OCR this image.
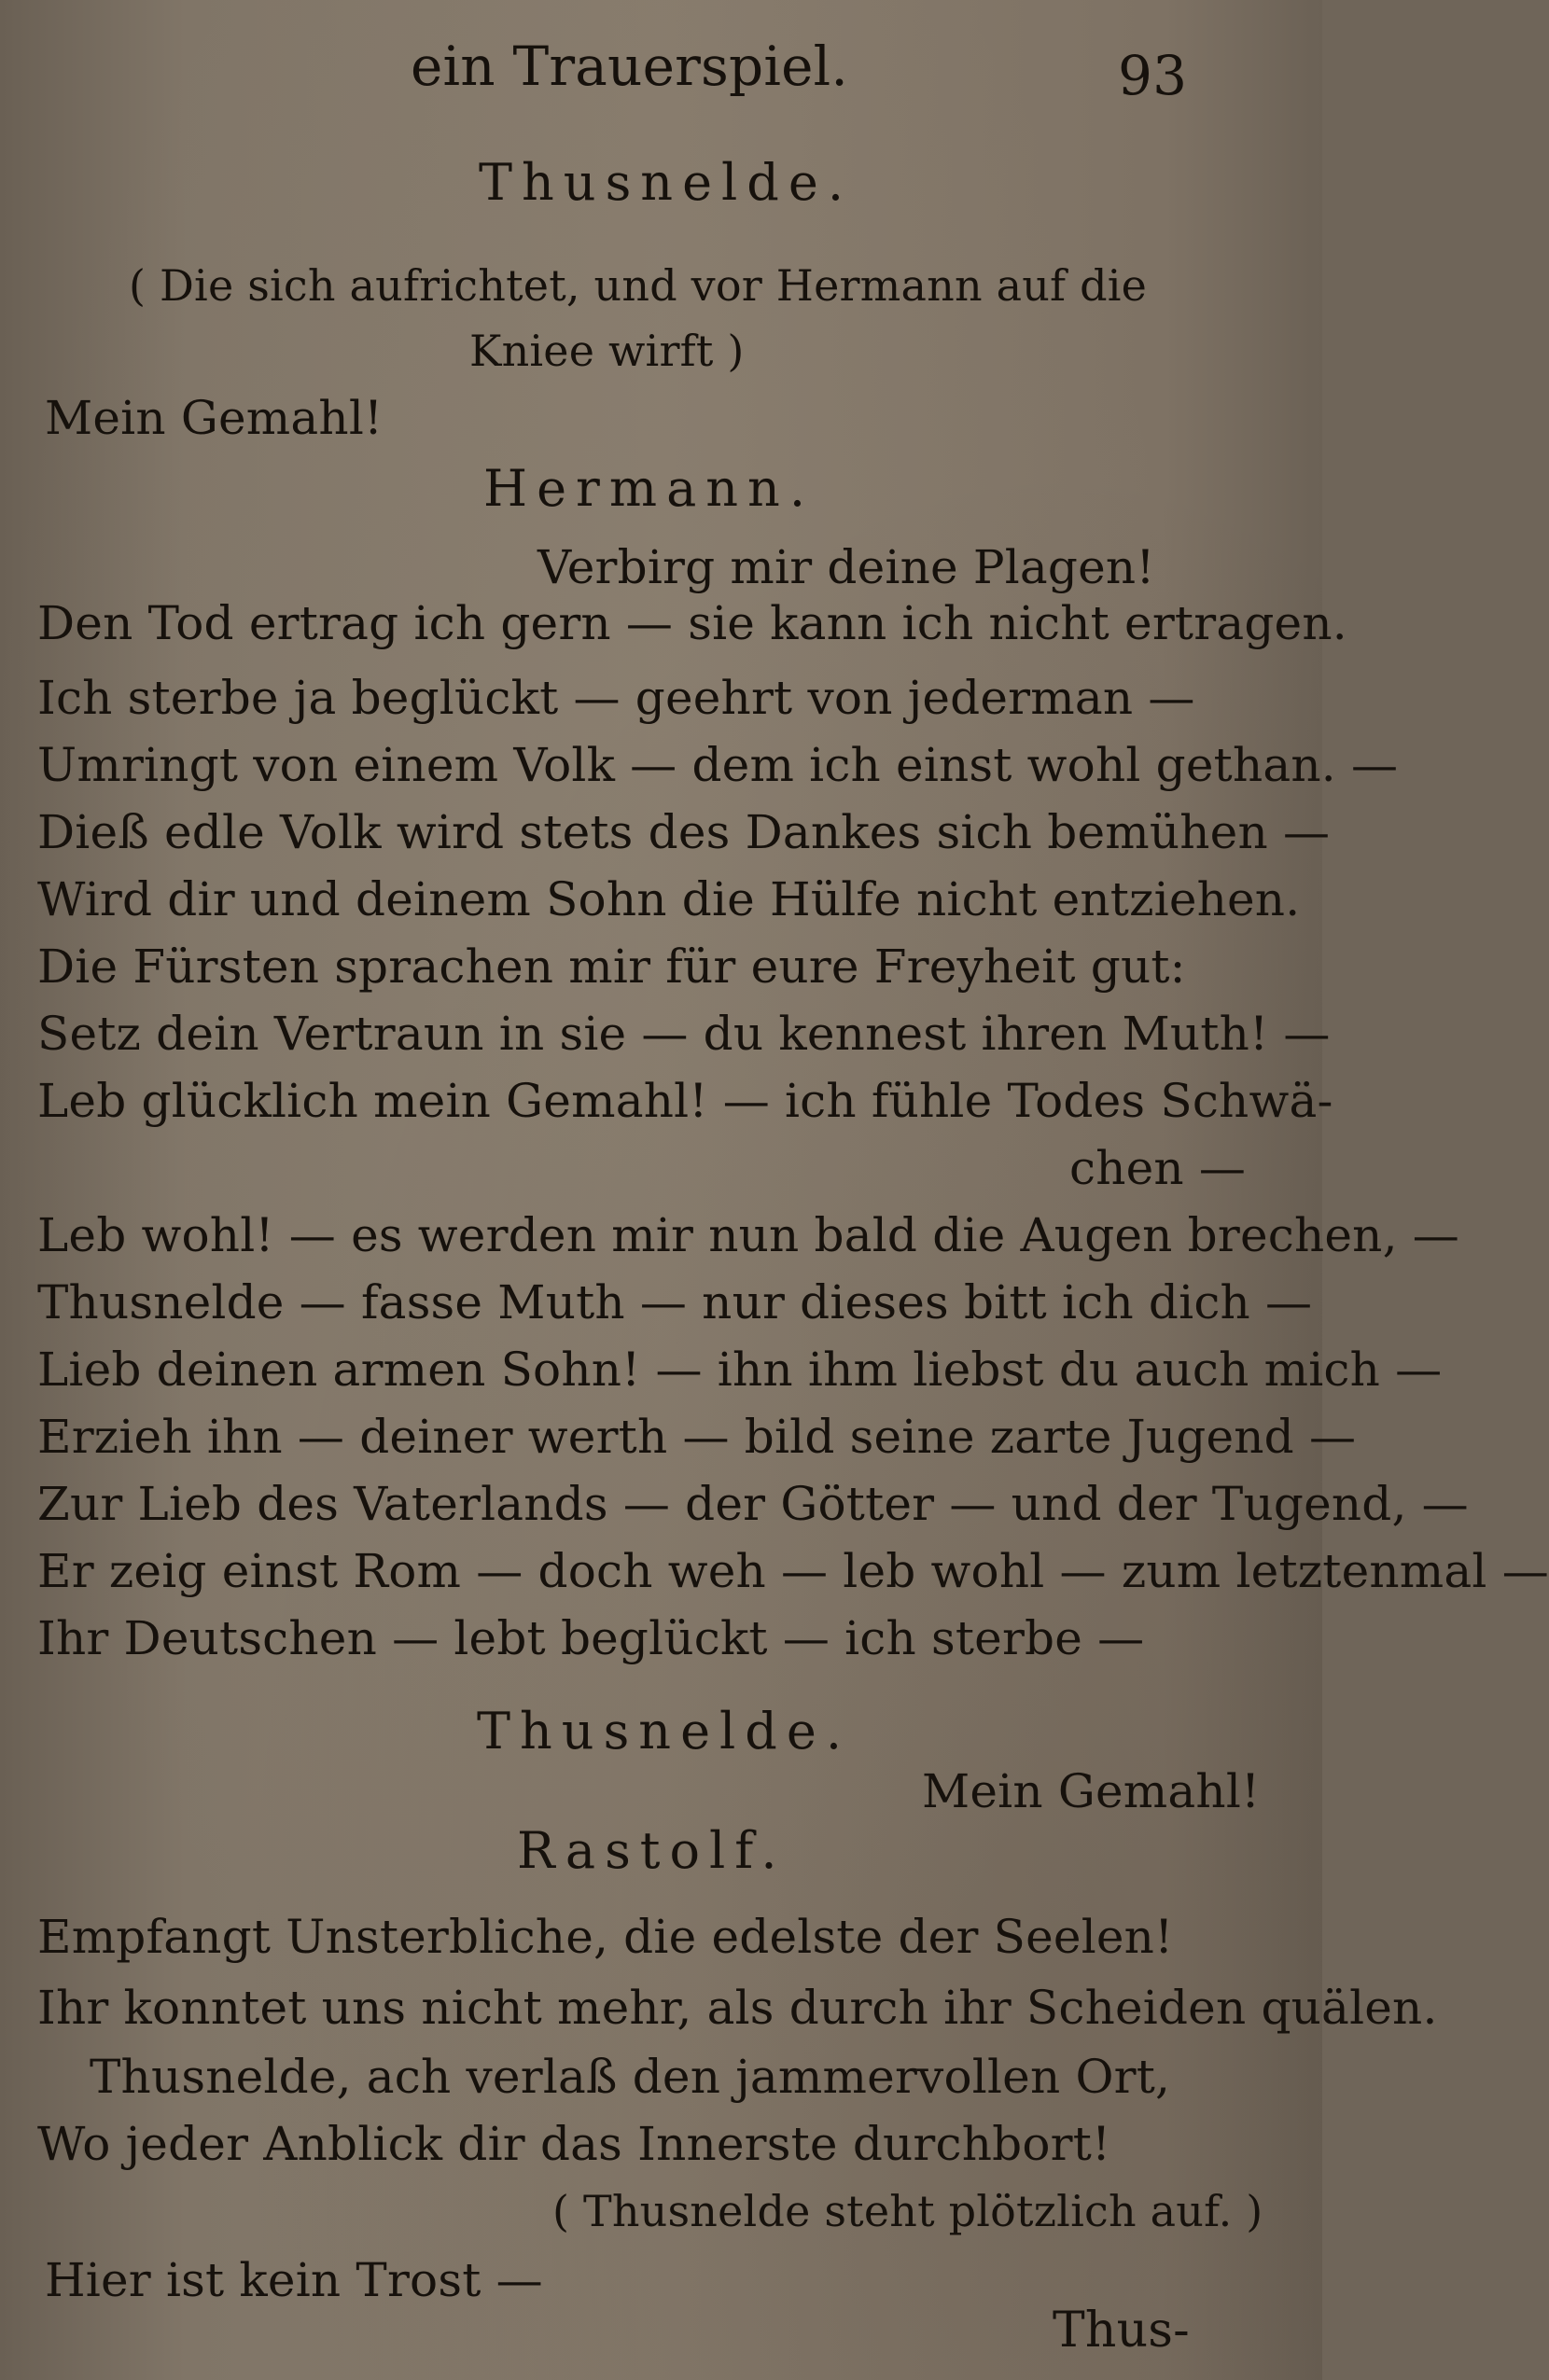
ein Trauerspiel.	93
Thusnelde.
( Die sich aufrichtet, und vor Hermann auf die
Kniee wirft )
Mein Gemahl!
Hermann.
Verbirg mir deine Plagen!
Den Tod ertrag ich gern — sie kann ich nicht ertragen.
Ich sterbe ja beglückt — geehrt von jederman —
Umringt von einem Volk — dem ich einst wohl gethan. —
Dieß edle Volk wird stets des Dankes sich bemühen —
Wird dir und deinem Sohn die Hülfe nicht entziehen.
Die Fürsten sprachen mir für eure Freyheit gut:
Setz dein Vertraun in sie — du kennest ihren Muth! —
Leb glücklich mein Gemahl! — ich fühle Todes Schwä-
chen —
Leb wohl! — es werden mir nun bald die Augen brechen, —
Thusnelde — fasse Muth — nur dieses bitt ich dich —
Lieb deinen armen Sohn! — ihn ihm liebst du auch mich —
Erzieh ihn — deiner werth — bild seine zarte Jugend —
Zur Lieb des Vaterlands — der Götter — und der Tugend, —
Er zeig einst Rom — doch weh — leb wohl — zum letztenmal —
Ihr Deutschen — lebt beglückt — ich sterbe —
Thusnelde.
Mein Gemahl!
Rastolf.
Empfangt Unsterbliche, die edelste der Seelen!
Ihr konntet uns nicht mehr, als durch ihr Scheiden quälen.
Thusnelde, ach verlaß den jammervollen Ort,
Wo jeder Anblick dir das Innerste durchbort!
( Thusnelde steht plötzlich auf. )
Hier ist kein Trost —
Thus-
